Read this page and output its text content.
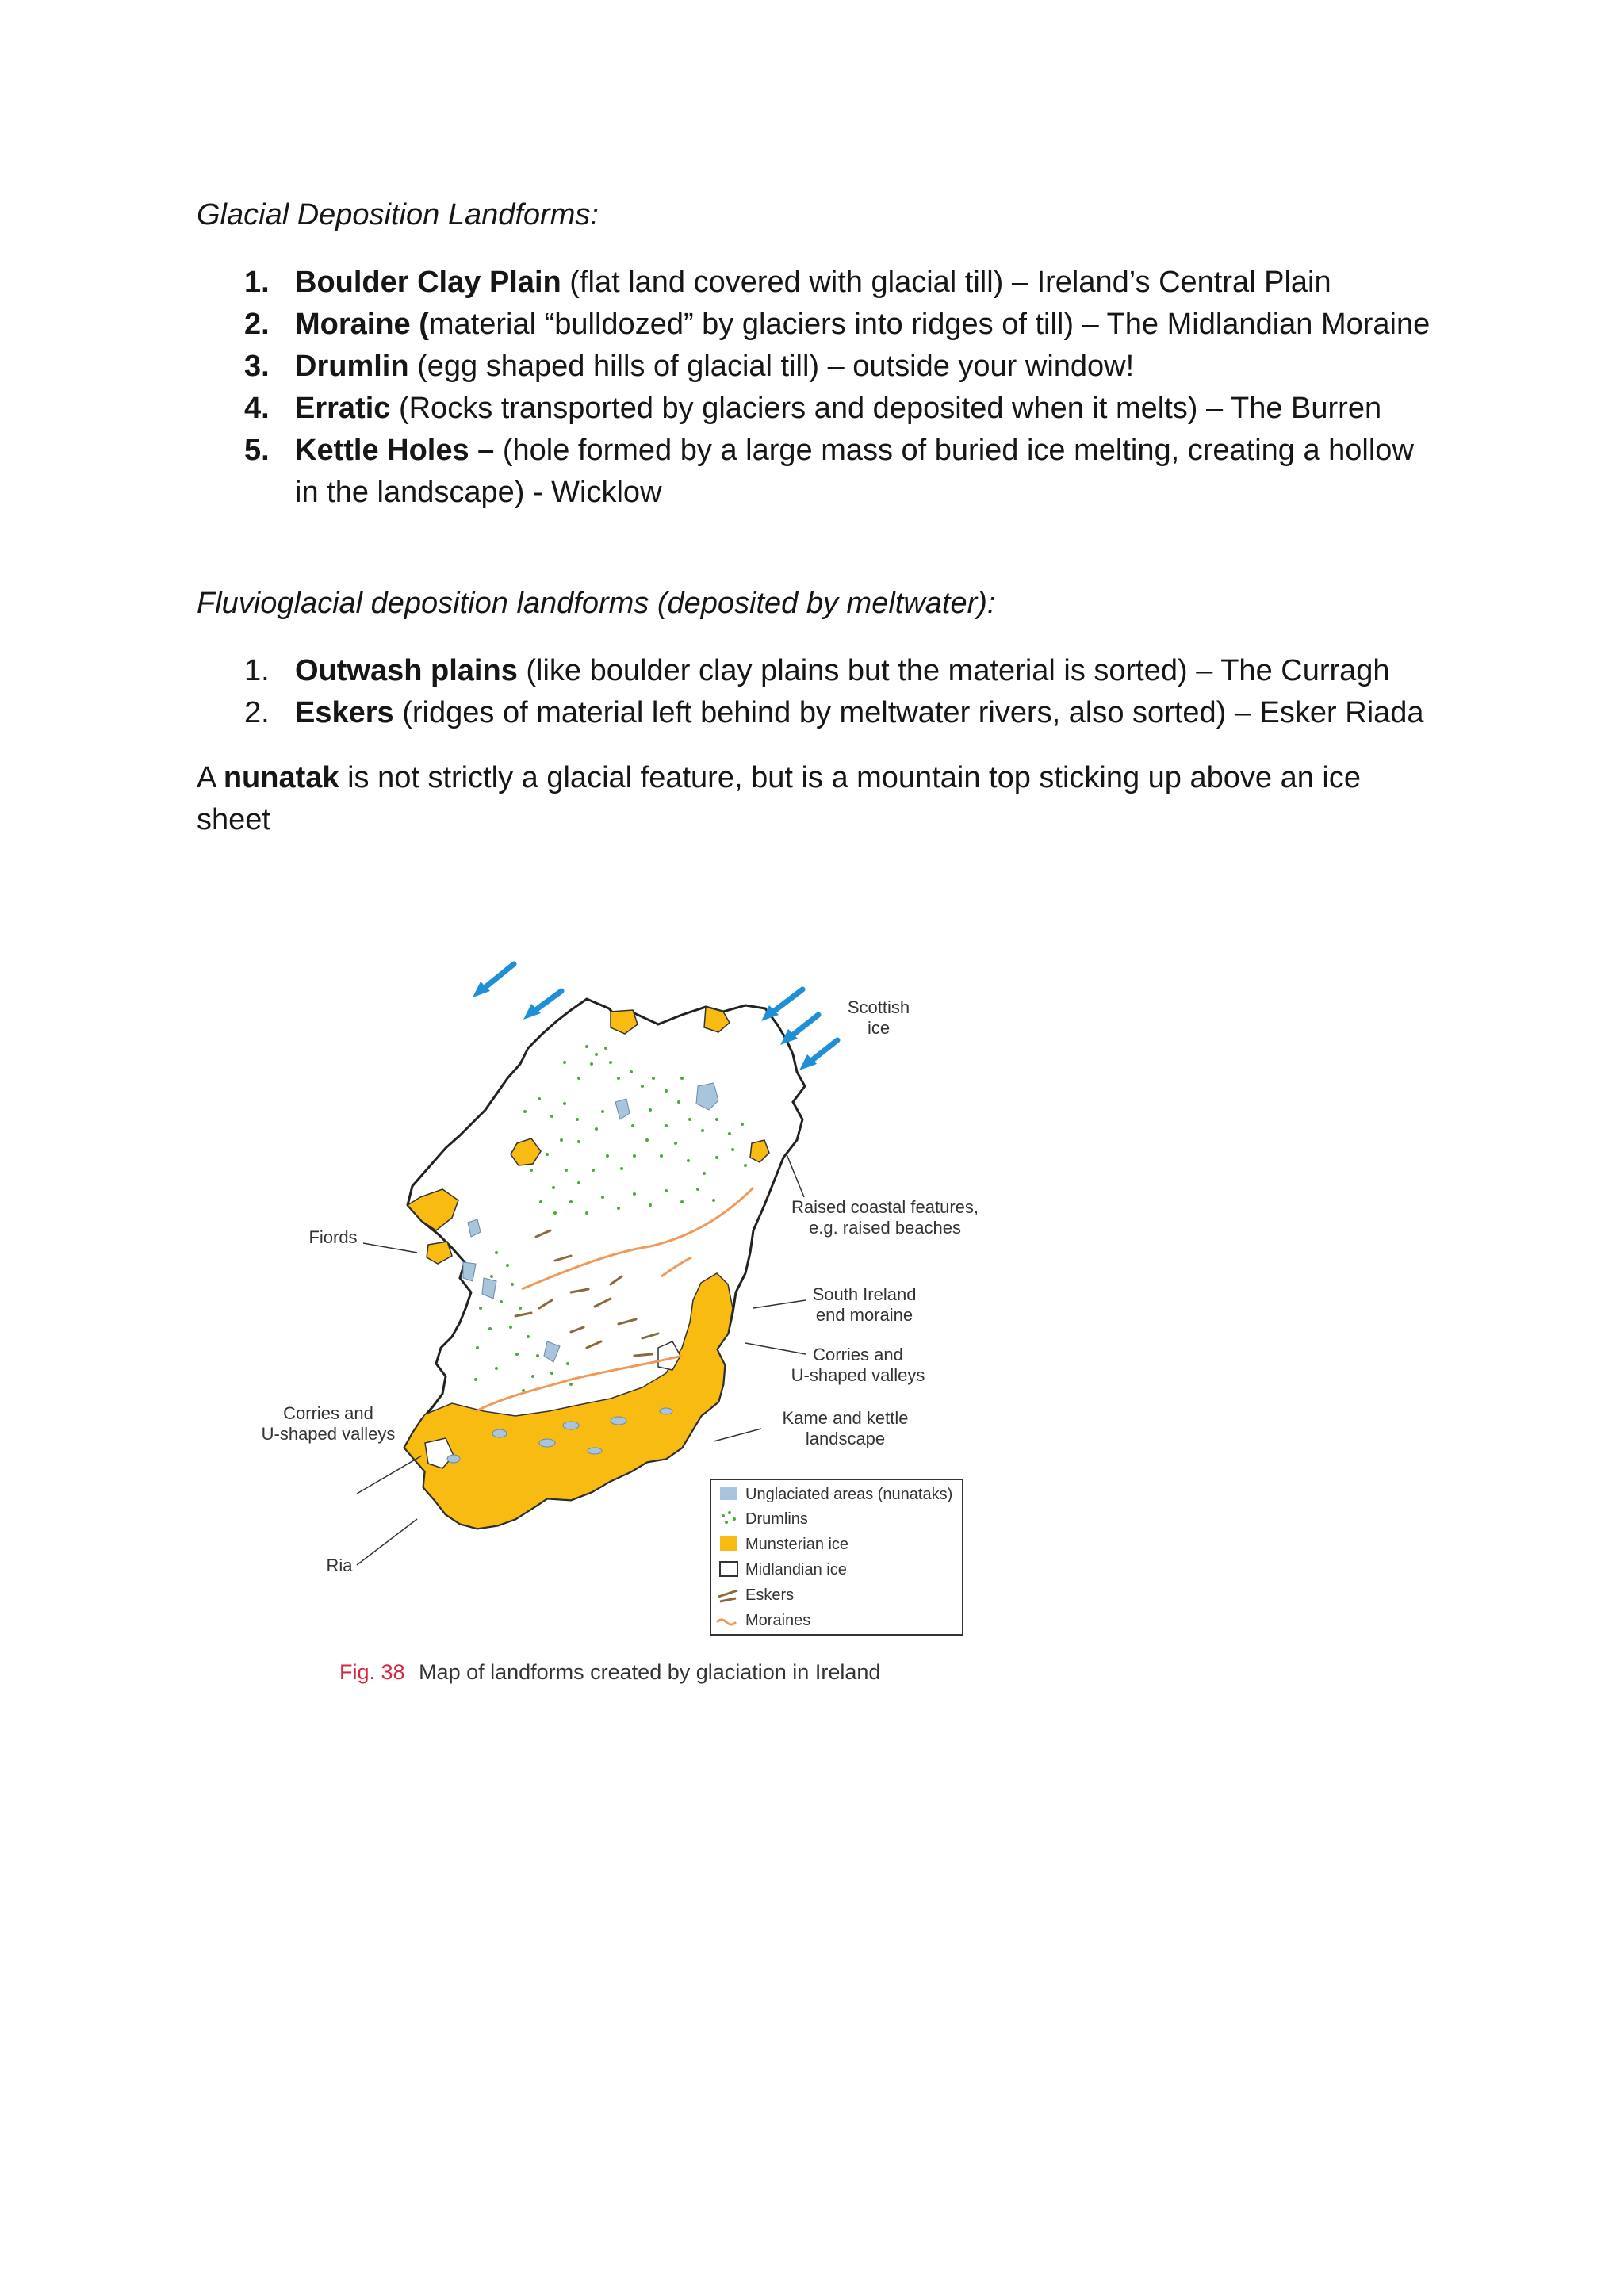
Glacial Deposition Landforms:
1. Boulder Clay Plain (flat land covered with glacial till) – Ireland’s Central Plain
2. Moraine (material “bulldozed” by glaciers into ridges of till) – The Midlandian Moraine
3. Drumlin (egg shaped hills of glacial till) – outside your window!
4. Erratic (Rocks transported by glaciers and deposited when it melts) – The Burren
5. Kettle Holes – (hole formed by a large mass of buried ice melting, creating a hollow in the landscape) - Wicklow
Fluvioglacial deposition landforms (deposited by meltwater):
1. Outwash plains (like boulder clay plains but the material is sorted) – The Curragh
2. Eskers (ridges of material left behind by meltwater rivers, also sorted) – Esker Riada

A nunatak is not strictly a glacial feature, but is a mountain top sticking up above an ice sheet

Scottish
ice
Raised coastal features,
e.g. raised beaches
Fiords
South Ireland
end moraine
Corries and
U-shaped valleys
Corries and
U-shaped valleys
Kame and kettle
landscape
Ria
Unglaciated areas (nunataks)
Drumlins
Munsterian ice
Midlandian ice
Eskers
Moraines
Fig. 38 Map of landforms created by glaciation in Ireland
